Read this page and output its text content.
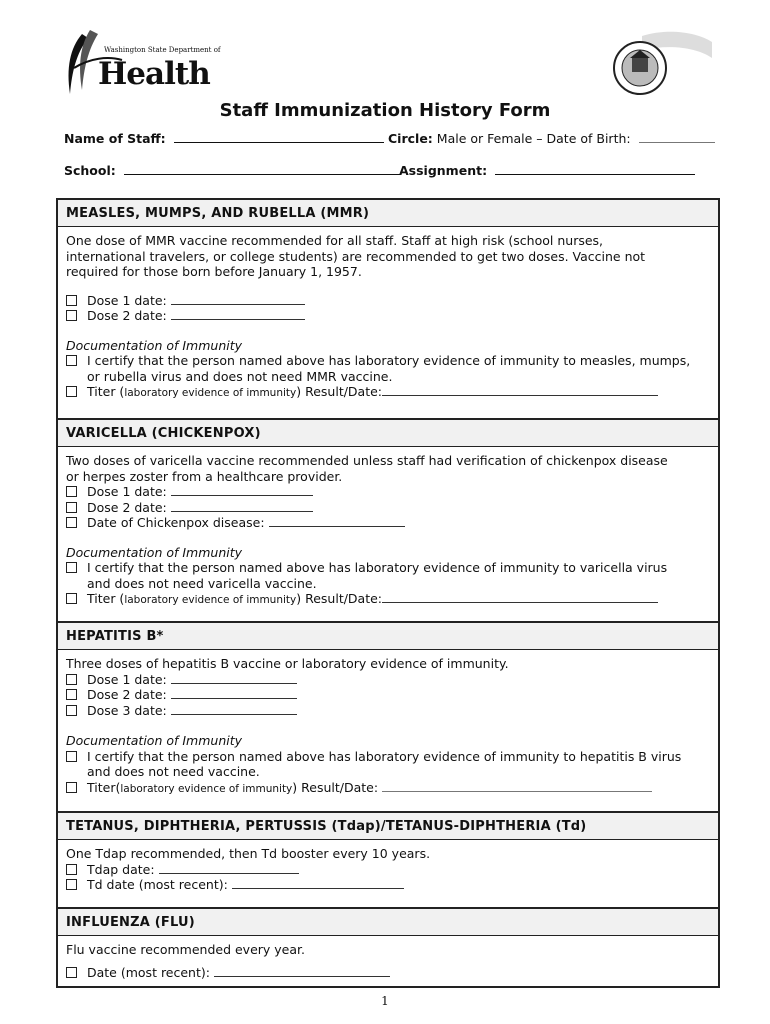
Washington State Department of
Health
Staff Immunization History Form
Name of Staff:	Circle: Male or Female – Date of Birth:
School:	Assignment:
MEASLES, MUMPS, AND RUBELLA (MMR)
One dose of MMR vaccine recommended for all staff. Staff at high risk (school nurses,
international travelers, or college students) are recommended to get two doses. Vaccine not
required for those born before January 1, 1957.
Dose 1 date:
Dose 2 date:
Documentation of Immunity
I certify that the person named above has laboratory evidence of immunity to measles, mumps,
or rubella virus and does not need MMR vaccine.
Titer (laboratory evidence of immunity) Result/Date:
VARICELLA (CHICKENPOX)
Two doses of varicella vaccine recommended unless staff had verification of chickenpox disease
or herpes zoster from a healthcare provider.
Dose 1 date:
Dose 2 date:
Date of Chickenpox disease:
Documentation of Immunity
I certify that the person named above has laboratory evidence of immunity to varicella virus
and does not need varicella vaccine.
Titer (laboratory evidence of immunity) Result/Date:
HEPATITIS B*
Three doses of hepatitis B vaccine or laboratory evidence of immunity.
Dose 1 date:
Dose 2 date:
Dose 3 date:
Documentation of Immunity
I certify that the person named above has laboratory evidence of immunity to hepatitis B virus
and does not need vaccine.
Titer(laboratory evidence of immunity) Result/Date:
TETANUS, DIPHTHERIA, PERTUSSIS (Tdap)/TETANUS-DIPHTHERIA (Td)
One Tdap recommended, then Td booster every 10 years.
Tdap date:
Td date (most recent):
INFLUENZA (FLU)
Flu vaccine recommended every year.
Date (most recent):
1
